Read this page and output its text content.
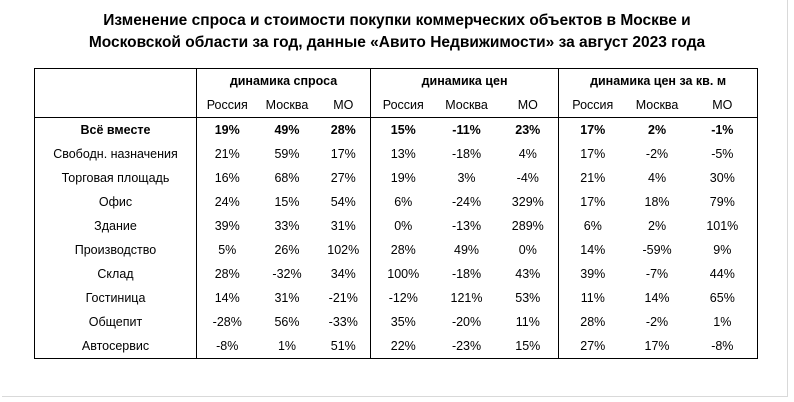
Изменение спроса и стоимости покупки коммерческих объектов в Москве и
Московской области за год, данные «Авито Недвижимости» за август 2023 года
	динамика спроса			динамика цен			динамика цен за кв. м		
	Россия	Москва	МО	Россия	Москва	МО	Россия	Москва	МО
Всё вместе	19%	49%	28%	15%	-11%	23%	17%	2%	-1%
Свободн. назначения	21%	59%	17%	13%	-18%	4%	17%	-2%	-5%
Торговая площадь	16%	68%	27%	19%	3%	-4%	21%	4%	30%
Офис	24%	15%	54%	6%	-24%	329%	17%	18%	79%
Здание	39%	33%	31%	0%	-13%	289%	6%	2%	101%
Производство	5%	26%	102%	28%	49%	0%	14%	-59%	9%
Склад	28%	-32%	34%	100%	-18%	43%	39%	-7%	44%
Гостиница	14%	31%	-21%	-12%	121%	53%	11%	14%	65%
Общепит	-28%	56%	-33%	35%	-20%	11%	28%	-2%	1%
Автосервис	-8%	1%	51%	22%	-23%	15%	27%	17%	-8%
